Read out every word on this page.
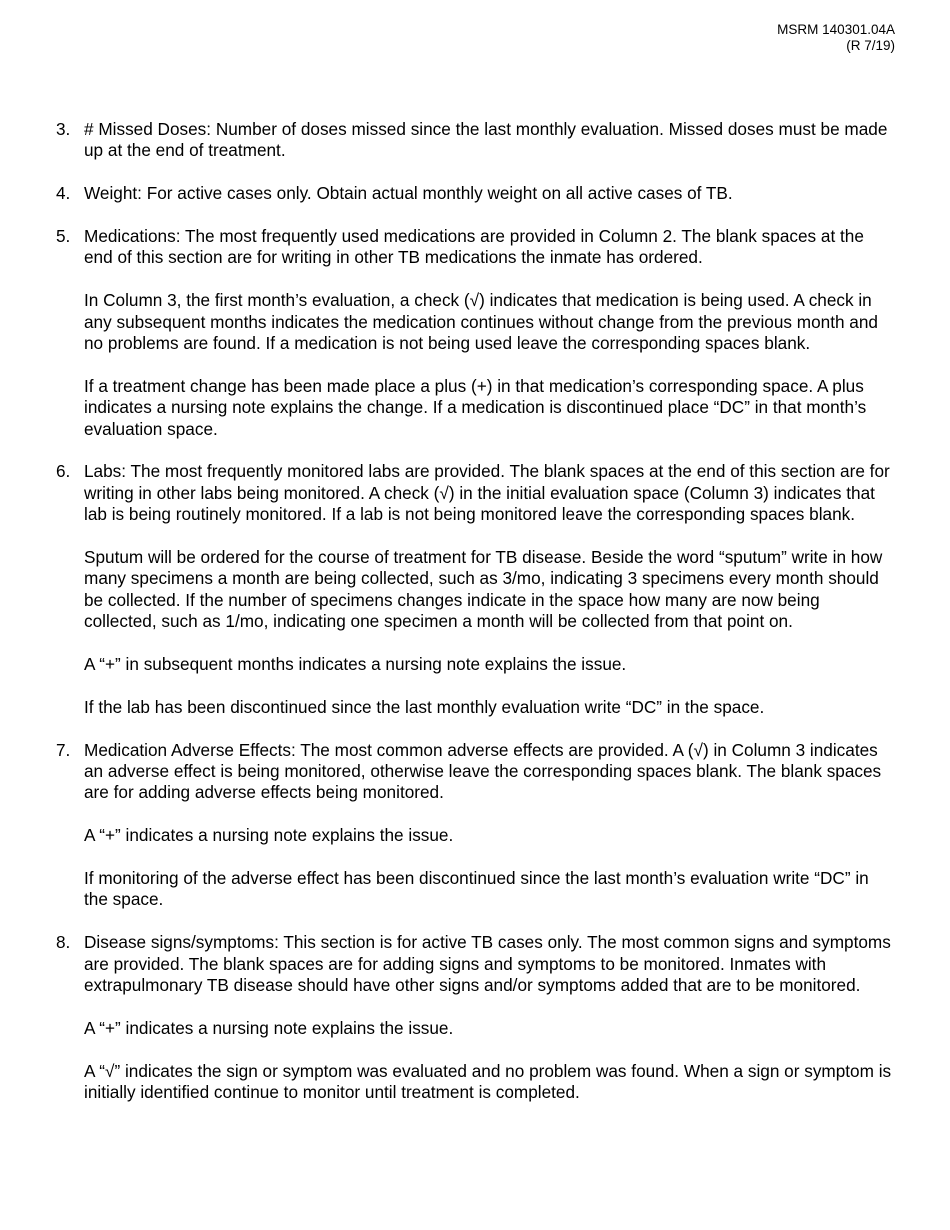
MSRM 140301.04A
(R 7/19)
3. # Missed Doses: Number of doses missed since the last monthly evaluation. Missed doses must be made up at the end of treatment.

4. Weight: For active cases only. Obtain actual monthly weight on all active cases of TB.

5. Medications: The most frequently used medications are provided in Column 2. The blank spaces at the end of this section are for writing in other TB medications the inmate has ordered.

In Column 3, the first month’s evaluation, a check (√) indicates that medication is being used. A check in any subsequent months indicates the medication continues without change from the previous month and no problems are found. If a medication is not being used leave the corresponding spaces blank.

If a treatment change has been made place a plus (+) in that medication’s corresponding space. A plus indicates a nursing note explains the change. If a medication is discontinued place “DC” in that month’s evaluation space.

6. Labs: The most frequently monitored labs are provided. The blank spaces at the end of this section are for writing in other labs being monitored. A check (√) in the initial evaluation space (Column 3) indicates that lab is being routinely monitored. If a lab is not being monitored leave the corresponding spaces blank.

Sputum will be ordered for the course of treatment for TB disease. Beside the word “sputum” write in how many specimens a month are being collected, such as 3/mo, indicating 3 specimens every month should be collected. If the number of specimens changes indicate in the space how many are now being collected, such as 1/mo, indicating one specimen a month will be collected from that point on.

A “+” in subsequent months indicates a nursing note explains the issue.

If the lab has been discontinued since the last monthly evaluation write “DC” in the space.

7. Medication Adverse Effects: The most common adverse effects are provided. A (√) in Column 3 indicates an adverse effect is being monitored, otherwise leave the corresponding spaces blank. The blank spaces are for adding adverse effects being monitored.

A “+” indicates a nursing note explains the issue.

If monitoring of the adverse effect has been discontinued since the last month’s evaluation write “DC” in the space.

8. Disease signs/symptoms: This section is for active TB cases only. The most common signs and symptoms are provided. The blank spaces are for adding signs and symptoms to be monitored. Inmates with extrapulmonary TB disease should have other signs and/or symptoms added that are to be monitored.

A “+” indicates a nursing note explains the issue.

A “√” indicates the sign or symptom was evaluated and no problem was found. When a sign or symptom is initially identified continue to monitor until treatment is completed.
